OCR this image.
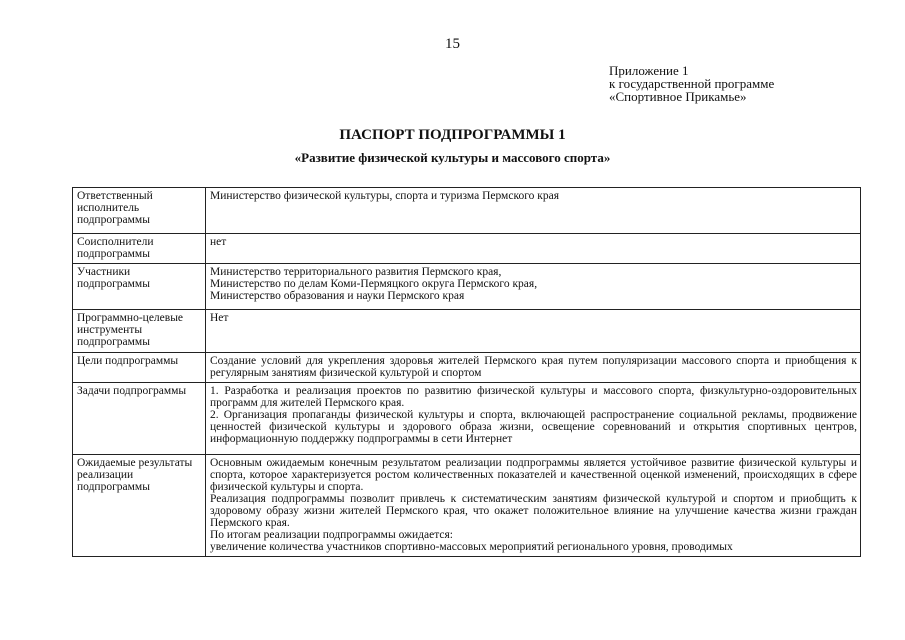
15
Приложение 1
к государственной программе
«Спортивное Прикамье»
ПАСПОРТ ПОДПРОГРАММЫ 1
«Развитие физической культуры и массового спорта»
Ответственный исполнитель подпрограммы	Министерство физической культуры, спорта и туризма Пермского края

Соисполнители подпрограммы	нет

Участники подпрограммы	Министерство территориального развития Пермского края,
Министерство по делам Коми-Пермяцкого округа Пермского края,
Министерство образования и науки Пермского края

Программно-целевые инструменты подпрограммы	Нет

Цели подпрограммы	Создание условий для укрепления здоровья жителей Пермского края путем популяризации массового спорта и приобщения к регулярным занятиям физической культурой и спортом

Задачи подпрограммы	1. Разработка и реализация проектов по развитию физической культуры и массового спорта, физкультурно-оздоровительных программ для жителей Пермского края.
2. Организация пропаганды физической культуры и спорта, включающей распространение социальной рекламы, продвижение ценностей физической культуры и здорового образа жизни, освещение соревнований и открытия спортивных центров, информационную поддержку подпрограммы в сети Интернет

Ожидаемые результаты реализации подпрограммы	Основным ожидаемым конечным результатом реализации подпрограммы является устойчивое развитие физической культуры и спорта, которое характеризуется ростом количественных показателей и качественной оценкой изменений, происходящих в сфере физической культуры и спорта.
Реализация подпрограммы позволит привлечь к систематическим занятиям физической культурой и спортом и приобщить к здоровому образу жизни жителей Пермского края, что окажет положительное влияние на улучшение качества жизни граждан Пермского края.
По итогам реализации подпрограммы ожидается:
увеличение количества участников спортивно-массовых мероприятий регионального уровня, проводимых
